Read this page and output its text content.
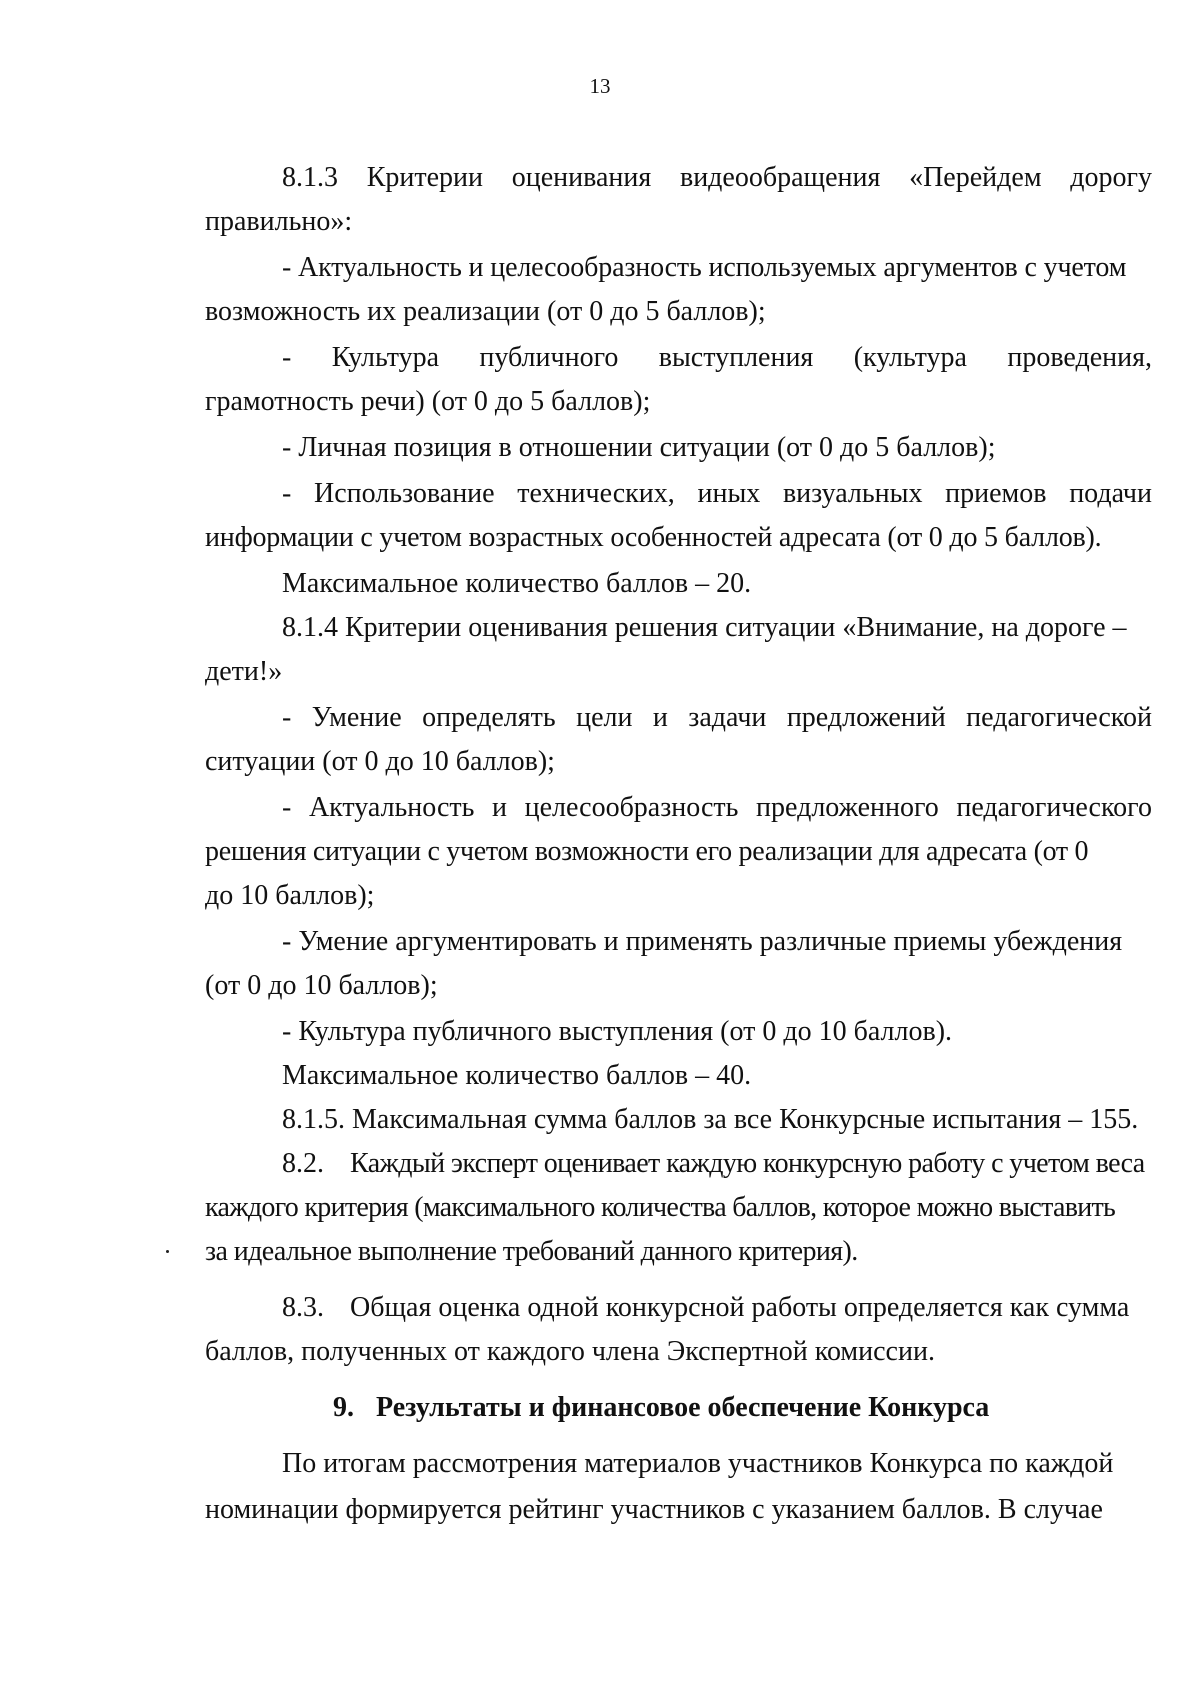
13
8.1.3 Критерии оценивания видеообращения «Перейдем дорогу
правильно»:
- Актуальность и целесообразность используемых аргументов с учетом
возможность их реализации (от 0 до 5 баллов);
- Культура публичного выступления (культура проведения,
грамотность речи) (от 0 до 5 баллов);
- Личная позиция в отношении ситуации (от 0 до 5 баллов);
- Использование технических, иных визуальных приемов подачи
информации с учетом возрастных особенностей адресата (от 0 до 5 баллов).
Максимальное количество баллов – 20.
8.1.4 Критерии оценивания решения ситуации «Внимание, на дороге –
дети!»
- Умение определять цели и задачи предложений педагогической
ситуации (от 0 до 10 баллов);
- Актуальность и целесообразность предложенного педагогического
решения ситуации с учетом возможности его реализации для адресата (от 0
до 10 баллов);
- Умение аргументировать и применять различные приемы убеждения
(от 0 до 10 баллов);
- Культура публичного выступления (от 0 до 10 баллов).
Максимальное количество баллов – 40.
8.1.5. Максимальная сумма баллов за все Конкурсные испытания – 155.
8.2. Каждый эксперт оценивает каждую конкурсную работу с учетом веса
каждого критерия (максимального количества баллов, которое можно выставить
за идеальное выполнение требований данного критерия).
8.3. Общая оценка одной конкурсной работы определяется как сумма
баллов, полученных от каждого члена Экспертной комиссии.
9. Результаты и финансовое обеспечение Конкурса
По итогам рассмотрения материалов участников Конкурса по каждой
номинации формируется рейтинг участников с указанием баллов. В случае
